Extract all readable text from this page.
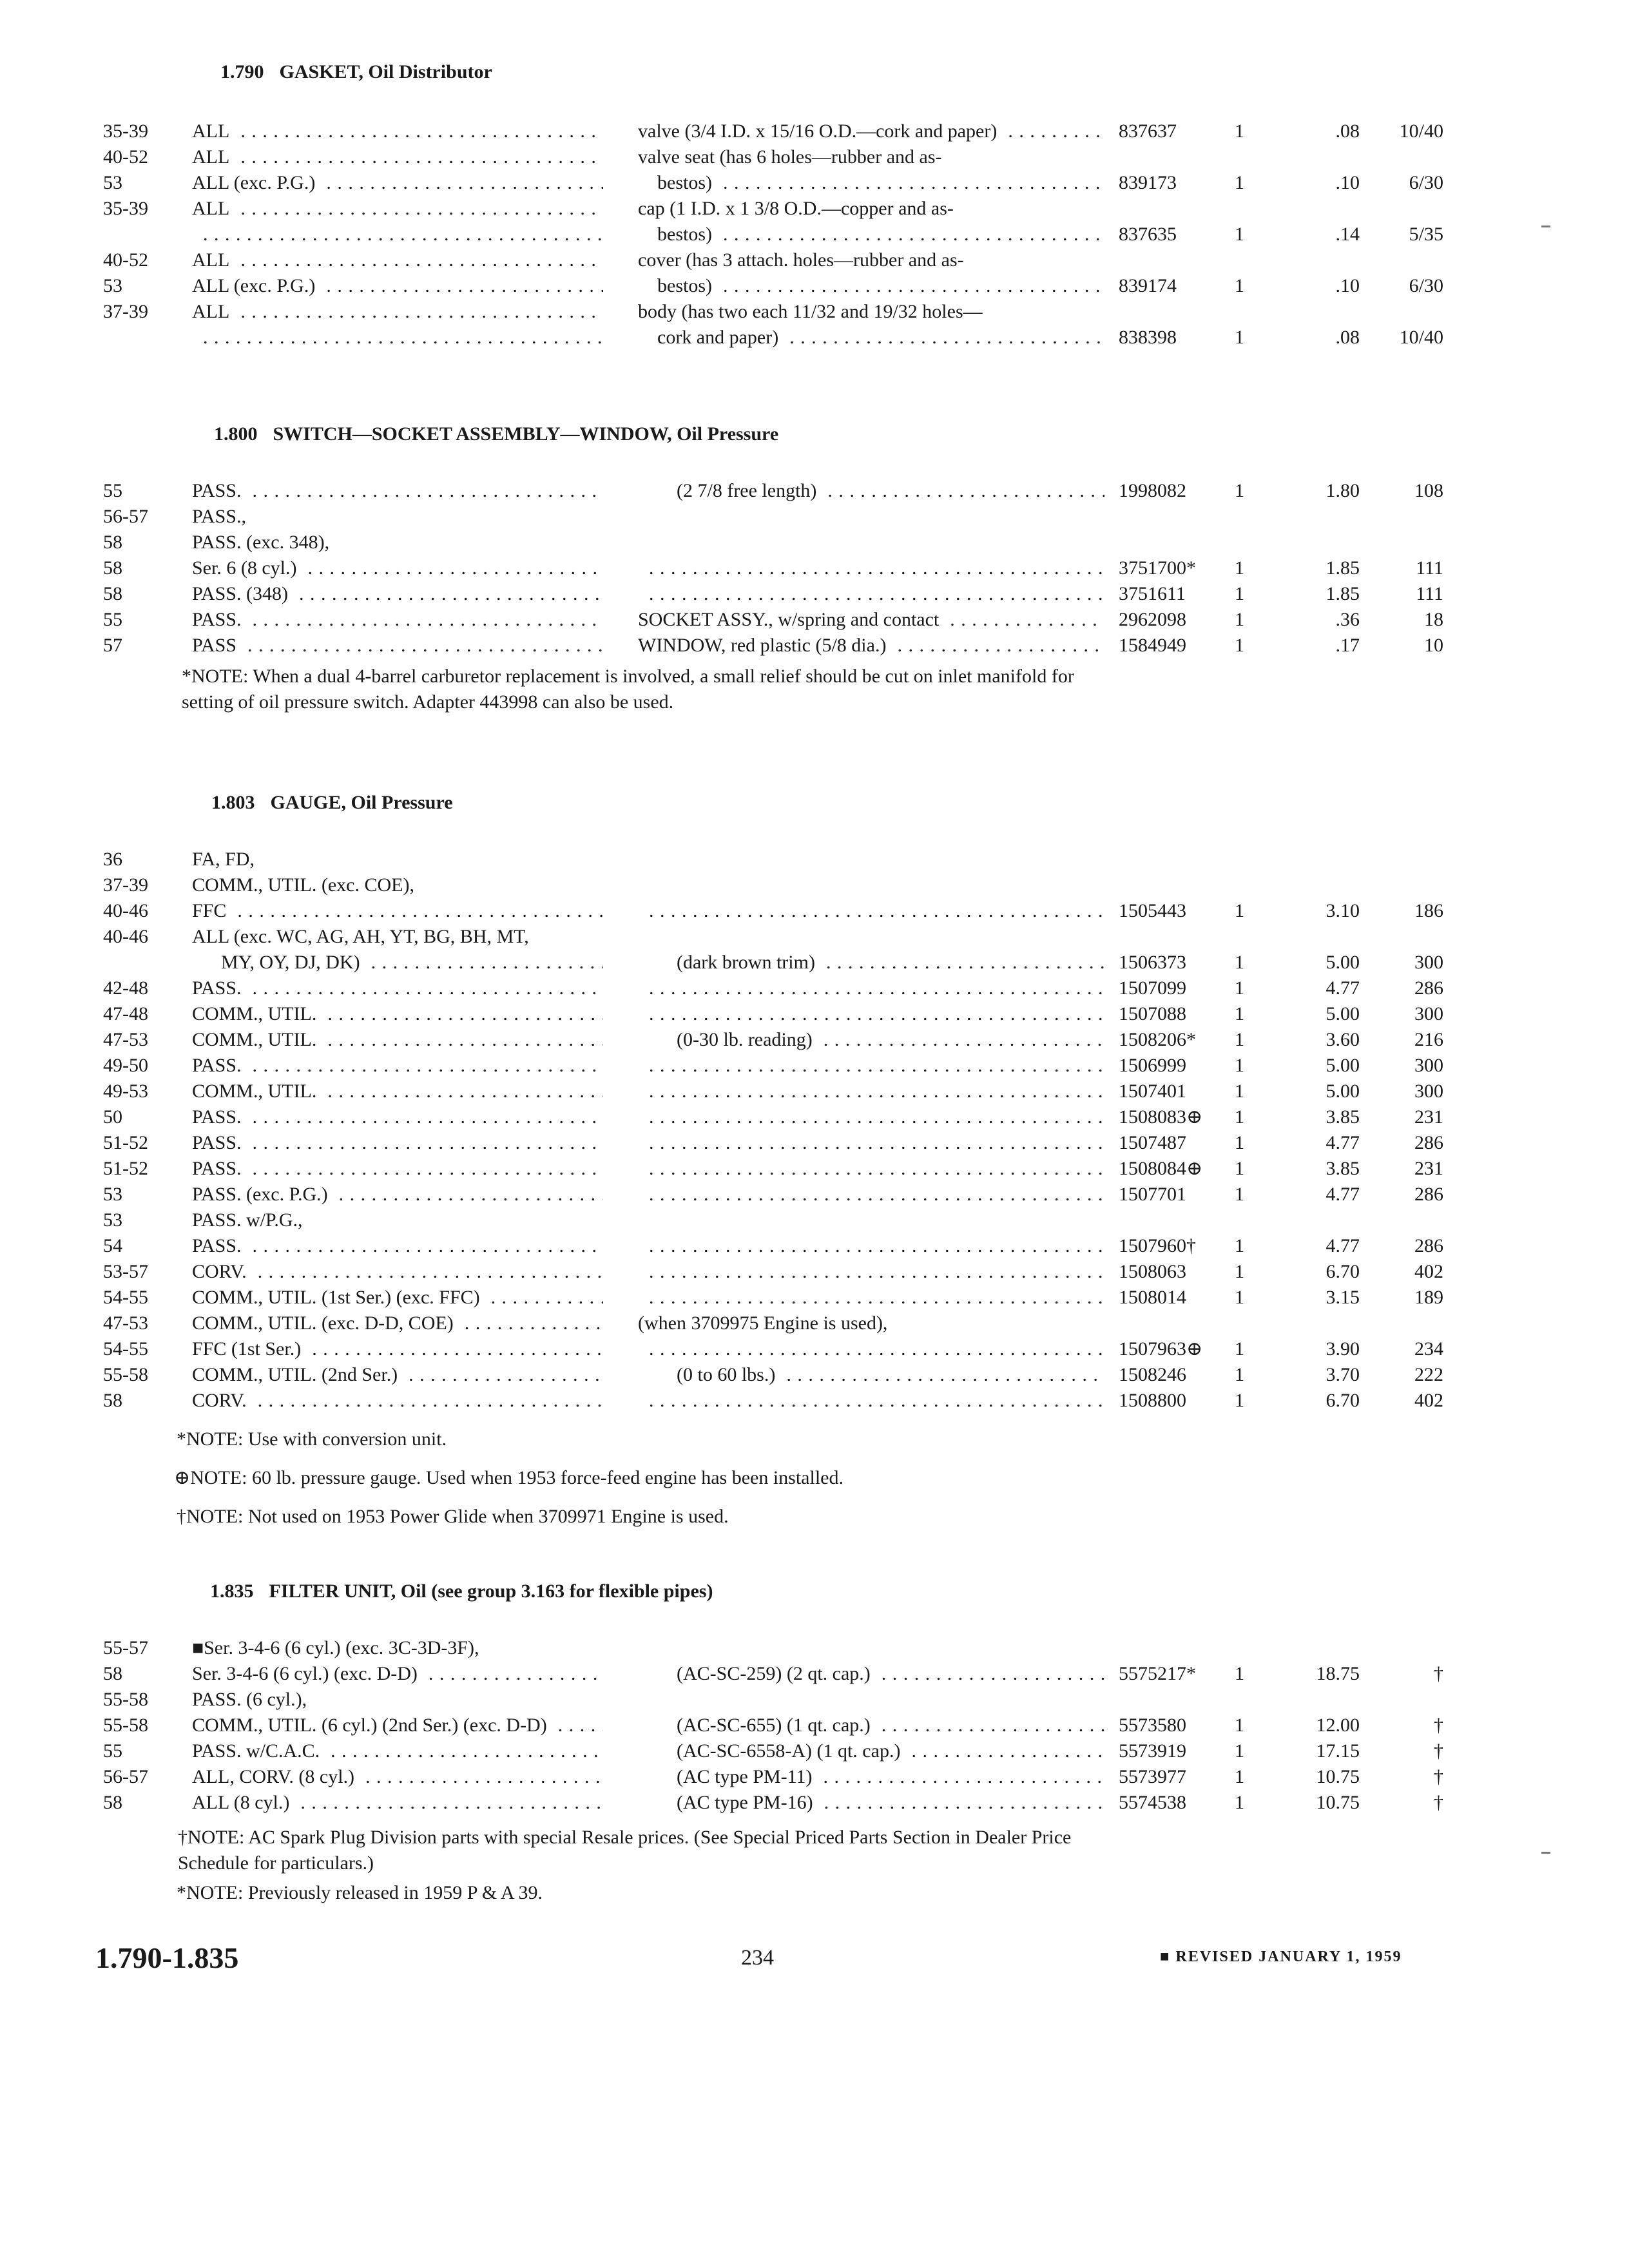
1.790 GASKET, Oil Distributor
1.800 SWITCH—SOCKET ASSEMBLY—WINDOW, Oil Pressure
1.803 GAUGE, Oil Pressure
1.835 FILTER UNIT, Oil (see group 3.163 for flexible pipes)
35-39 ALL . . .	valve (3/4 I.D. x 15/16 O.D.—cork and paper) . . .	837637	1	.08	10/40
40-52 ALL . . .	valve seat (has 6 holes—rubber and as-
53	ALL (exc. P.G.) . . .	bestos) . . .	839173	1	.10	6/30
35-39 ALL . . .	cap (1 I.D. x 1 3/8 O.D.—copper and as-
. . .
bestos) . . .	837635	1	.14	5/35
40-52 ALL . . .	cover (has 3 attach. holes—rubber and as-
53	ALL (exc. P.G.) . . .	bestos) . . .	839174	1	.10	6/30
37-39 ALL . . .	body (has two each 11/32 and 19/32 holes—
. . .
cork and paper) . . .	838398	1	.08	10/40
55	PASS. . . .	(2 7/8 free length) . . .	1998082	1	1.80	108
56-57 PASS.,
58	PASS. (exc. 348),
58	Ser. 6 (8 cyl.) . . . . . .	3751700* 1	1.85	111
58	PASS. (348) . . . . . .	3751611	1	1.85	111
55	PASS. . . .	SOCKET ASSY., w/spring and contact . . .	2962098	1	.36	18
57	PASS . . .	WINDOW, red plastic (5/8 dia.) . . .	1584949	1	.17	10
*NOTE: When a dual 4-barrel carburetor replacement is involved, a small relief should be cut on inlet manifold for setting of oil pressure switch. Adapter 443998 can also be used.
36	FA, FD,
37-39 COMM., UTIL. (exc. COE),
40-46 FFC . . . . . .	1505443	1	3.10	186
40-46 ALL (exc. WC, AG, AH, YT, BG, BH, MT,
MY, OY, DJ, DK) . . .	(dark brown trim) . . .	1506373	1	5.00	300
42-48 PASS. . . . . . .	1507099	1	4.77	286
47-48 COMM., UTIL. . . . . . .	1507088	1	5.00	300
47-53 COMM., UTIL. . . .	(0-30 lb. reading) . . .	1508206* 1	3.60	216
49-50 PASS. . . . . . .	1506999	1	5.00	300
49-53 COMM., UTIL. . . . . . .	1507401	1	5.00	300
50	PASS. . . . . . .	1508083⊕ 1	3.85	231
51-52 PASS. . . . . . .	1507487	1	4.77	286
51-52 PASS. . . . . . .	1508084⊕ 1	3.85	231
53	PASS. (exc. P.G.) . . . . . .	1507701	1	4.77	286
53	PASS. w/P.G.,
54	PASS. . . . . . .	1507960† 1	4.77	286
53-57 CORV. . . . . . .	1508063	1	6.70	402
54-55 COMM., UTIL. (1st Ser.) (exc. FFC) . . . . . .	1508014	1	3.15	189
47-53 COMM., UTIL. (exc. D-D, COE) . . .	(when 3709975 Engine is used),
54-55 FFC (1st Ser.) . . . . . .	1507963⊕ 1	3.90	234
55-58 COMM., UTIL. (2nd Ser.) . . .	(0 to 60 lbs.) . . .	1508246	1	3.70	222
58	CORV. . . . . . .	1508800	1	6.70	402
*NOTE: Use with conversion unit.
⊕NOTE: 60 lb. pressure gauge. Used when 1953 force-feed engine has been installed.
†NOTE: Not used on 1953 Power Glide when 3709971 Engine is used.
55-57 ■Ser. 3-4-6 (6 cyl.) (exc. 3C-3D-3F),
58	Ser. 3-4-6 (6 cyl.) (exc. D-D) . . .	(AC-SC-259) (2 qt. cap.) . . .	5575217* 1	18.75	†
55-58 PASS. (6 cyl.),
55-58 COMM., UTIL. (6 cyl.) (2nd Ser.) (exc. D-D) . . .	(AC-SC-655) (1 qt. cap.) . . .	5573580	1	12.00	†
55	PASS. w/C.A.C. . . .	(AC-SC-6558-A) (1 qt. cap.) . . .	5573919	1	17.15	†
56-57 ALL, CORV. (8 cyl.) . . .	(AC type PM-11) . . .	5573977	1	10.75	†
58	ALL (8 cyl.) . . .	(AC type PM-16) . . .	5574538	1	10.75	†
†NOTE: AC Spark Plug Division parts with special Resale prices. (See Special Priced Parts Section in Dealer Price Schedule for particulars.)
*NOTE: Previously released in 1959 P & A 39.
1.790-1.835	234	■ REVISED JANUARY 1, 1959
